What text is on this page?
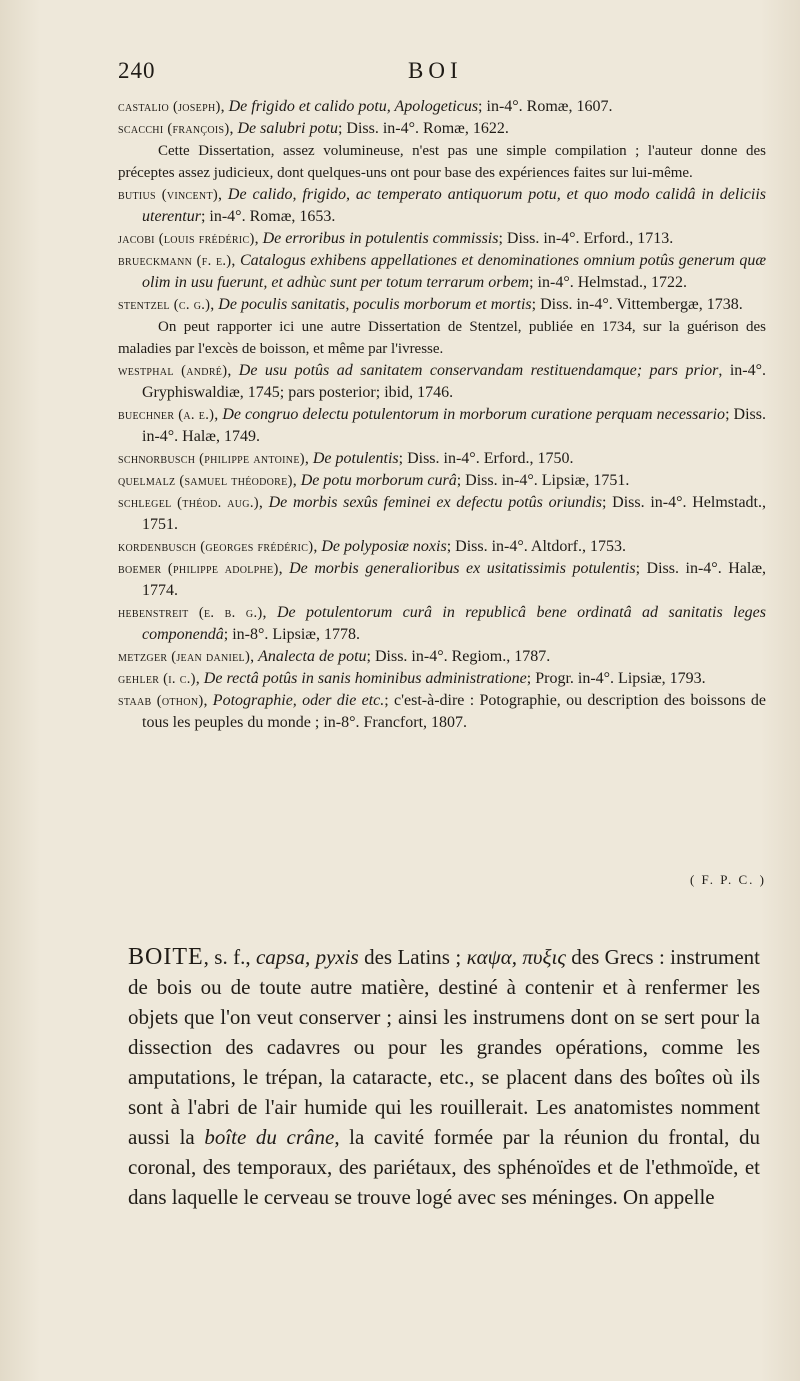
240	BOI

castalio (joseph), De frigido et calido potu, Apologeticus; in-4°. Romæ, 1607.

scacchi (françois), De salubri potu; Diss. in-4°. Romæ, 1622.

Cette Dissertation, assez volumineuse, n'est pas une simple compilation ; l'auteur donne des préceptes assez judicieux, dont quelques-uns ont pour base des expériences faites sur lui-même.

butius (vincent), De calido, frigido, ac temperato antiquorum potu, et quo modo calidâ in deliciis uterentur; in-4°. Romæ, 1653.

jacobi (louis frédéric), De erroribus in potulentis commissis; Diss. in-4°. Erford., 1713.

brueckmann (f. e.), Catalogus exhibens appellationes et denominationes omnium potûs generum quæ olim in usu fuerunt, et adhùc sunt per totum terrarum orbem; in-4°. Helmstad., 1722.

stentzel (c. g.), De poculis sanitatis, poculis morborum et mortis; Diss. in-4°. Vittembergæ, 1738.

On peut rapporter ici une autre Dissertation de Stentzel, publiée en 1734, sur la guérison des maladies par l'excès de boisson, et même par l'ivresse.

westphal (andré), De usu potûs ad sanitatem conservandam restituendamque; pars prior, in-4°. Gryphiswaldiæ, 1745; pars posterior; ibid, 1746.

buechner (a. e.), De congruo delectu potulentorum in morborum curatione perquam necessario; Diss. in-4°. Halæ, 1749.

schnorbusch (philippe antoine), De potulentis; Diss. in-4°. Erford., 1750.

quelmalz (samuel théodore), De potu morborum curâ; Diss. in-4°. Lipsiæ, 1751.

schlegel (théod. aug.), De morbis sexûs feminei ex defectu potûs oriundis; Diss. in-4°. Helmstadt., 1751.

kordenbusch (georges frédéric), De polyposiæ noxis; Diss. in-4°. Altdorf., 1753.

boemer (philippe adolphe), De morbis generalioribus ex usitatissimis potulentis; Diss. in-4°. Halæ, 1774.

hebenstreit (e. b. g.), De potulentorum curâ in republicâ bene ordinatâ ad sanitatis leges componendâ; in-8°. Lipsiæ, 1778.

metzger (jean daniel), Analecta de potu; Diss. in-4°. Regiom., 1787.

gehler (i. c.), De rectâ potûs in sanis hominibus administratione; Progr. in-4°. Lipsiæ, 1793.

staab (othon), Potographie, oder die etc.; c'est-à-dire : Potographie, ou description des boissons de tous les peuples du monde ; in-8°. Francfort, 1807.

( F. P. C. )
BOITE, s. f., capsa, pyxis des Latins ; καψα, πυξις des Grecs : instrument de bois ou de toute autre matière, destiné à contenir et à renfermer les objets que l'on veut conserver ; ainsi les instrumens dont on se sert pour la dissection des cadavres ou pour les grandes opérations, comme les amputations, le trépan, la cataracte, etc., se placent dans des boîtes où ils sont à l'abri de l'air humide qui les rouillerait. Les anatomistes nomment aussi la boîte du crâne, la cavité formée par la réunion du frontal, du coronal, des temporaux, des pariétaux, des sphénoïdes et de l'ethmoïde, et dans laquelle le cerveau se trouve logé avec ses méninges. On appelle
